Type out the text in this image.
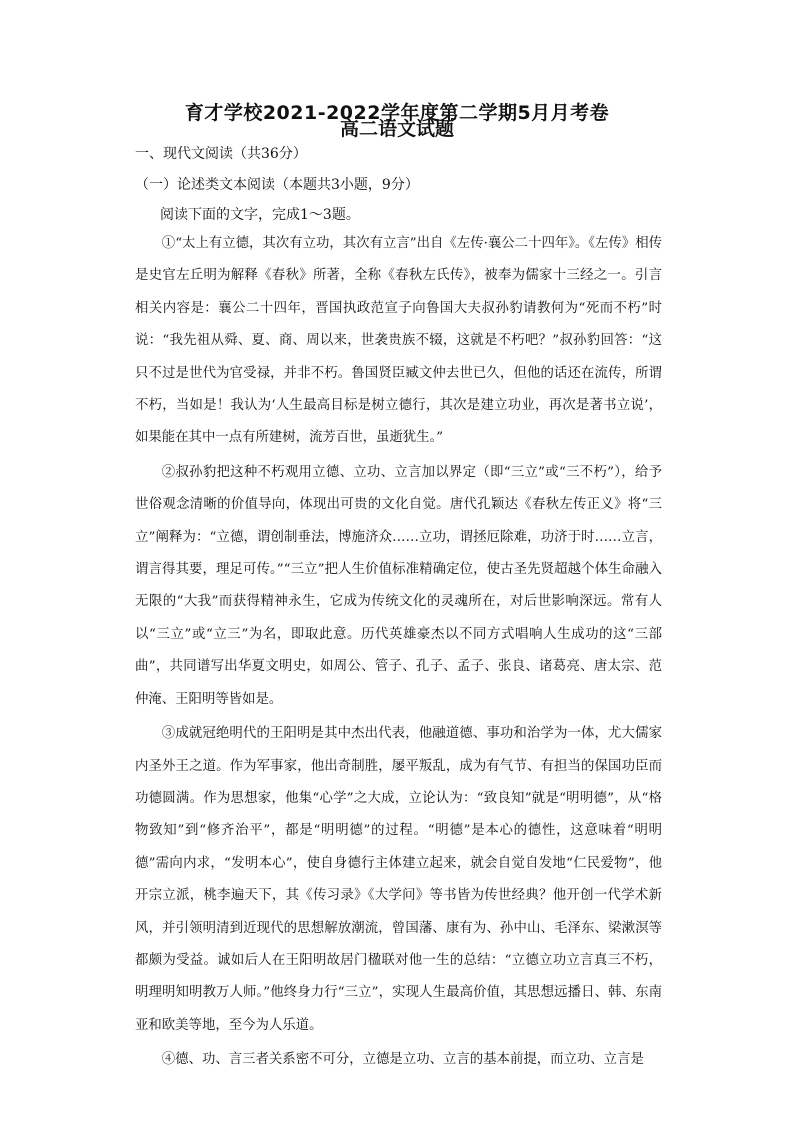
育才学校2021-2022学年度第二学期5月月考卷
高二语文试题
一、现代文阅读（共36分）
（一）论述类文本阅读（本题共3小题，9分）
阅读下面的文字，完成1～3题。

①“太上有立德，其次有立功，其次有立言”出自《左传·襄公二十四年》。《左传》相传是史官左丘明为解释《春秋》所著，全称《春秋左氏传》，被奉为儒家十三经之一。引言相关内容是：襄公二十四年，晋国执政范宣子向鲁国大夫叔孙豹请教何为“死而不朽”时说：“我先祖从舜、夏、商、周以来，世袭贵族不辍，这就是不朽吧？”叔孙豹回答：“这只不过是世代为官受禄，并非不朽。鲁国贤臣臧文仲去世已久，但他的话还在流传，所谓不朽，当如是！我认为‘人生最高目标是树立德行，其次是建立功业，再次是著书立说’，如果能在其中一点有所建树，流芳百世，虽逝犹生。”

②叔孙豹把这种不朽观用立德、立功、立言加以界定（即“三立”或“三不朽”），给予世俗观念清晰的价值导向，体现出可贵的文化自觉。唐代孔颖达《春秋左传正义》将“三立”阐释为：“立德，谓创制垂法，博施济众……立功，谓拯厄除难，功济于时……立言，谓言得其要，理足可传。”“三立”把人生价值标准精确定位，使古圣先贤超越个体生命融入无限的“大我”而获得精神永生，它成为传统文化的灵魂所在，对后世影响深远。常有人以“三立”或“立三”为名，即取此意。历代英雄豪杰以不同方式唱响人生成功的这“三部曲”，共同谱写出华夏文明史，如周公、管子、孔子、孟子、张良、诸葛亮、唐太宗、范仲淹、王阳明等皆如是。

③成就冠绝明代的王阳明是其中杰出代表，他融道德、事功和治学为一体，尤大儒家内圣外王之道。作为军事家，他出奇制胜，屡平叛乱，成为有气节、有担当的保国功臣而功德圆满。作为思想家，他集“心学”之大成，立论认为：“致良知”就是“明明德”，从“格物致知”到“修齐治平”，都是“明明德”的过程。“明德”是本心的德性，这意味着“明明德”需向内求，“发明本心”，使自身德行主体建立起来，就会自觉自发地“仁民爱物”，他开宗立派，桃李遍天下，其《传习录》《大学问》等书皆为传世经典？他开创一代学术新风，并引领明清到近现代的思想解放潮流，曾国藩、康有为、孙中山、毛泽东、梁漱溟等都颇为受益。诚如后人在王阳明故居门楹联对他一生的总结：“立德立功立言真三不朽，明理明知明教万人师。”他终身力行“三立”，实现人生最高价值，其思想远播日、韩、东南亚和欧美等地，至今为人乐道。

④德、功、言三者关系密不可分，立德是立功、立言的基本前提，而立功、立言是
